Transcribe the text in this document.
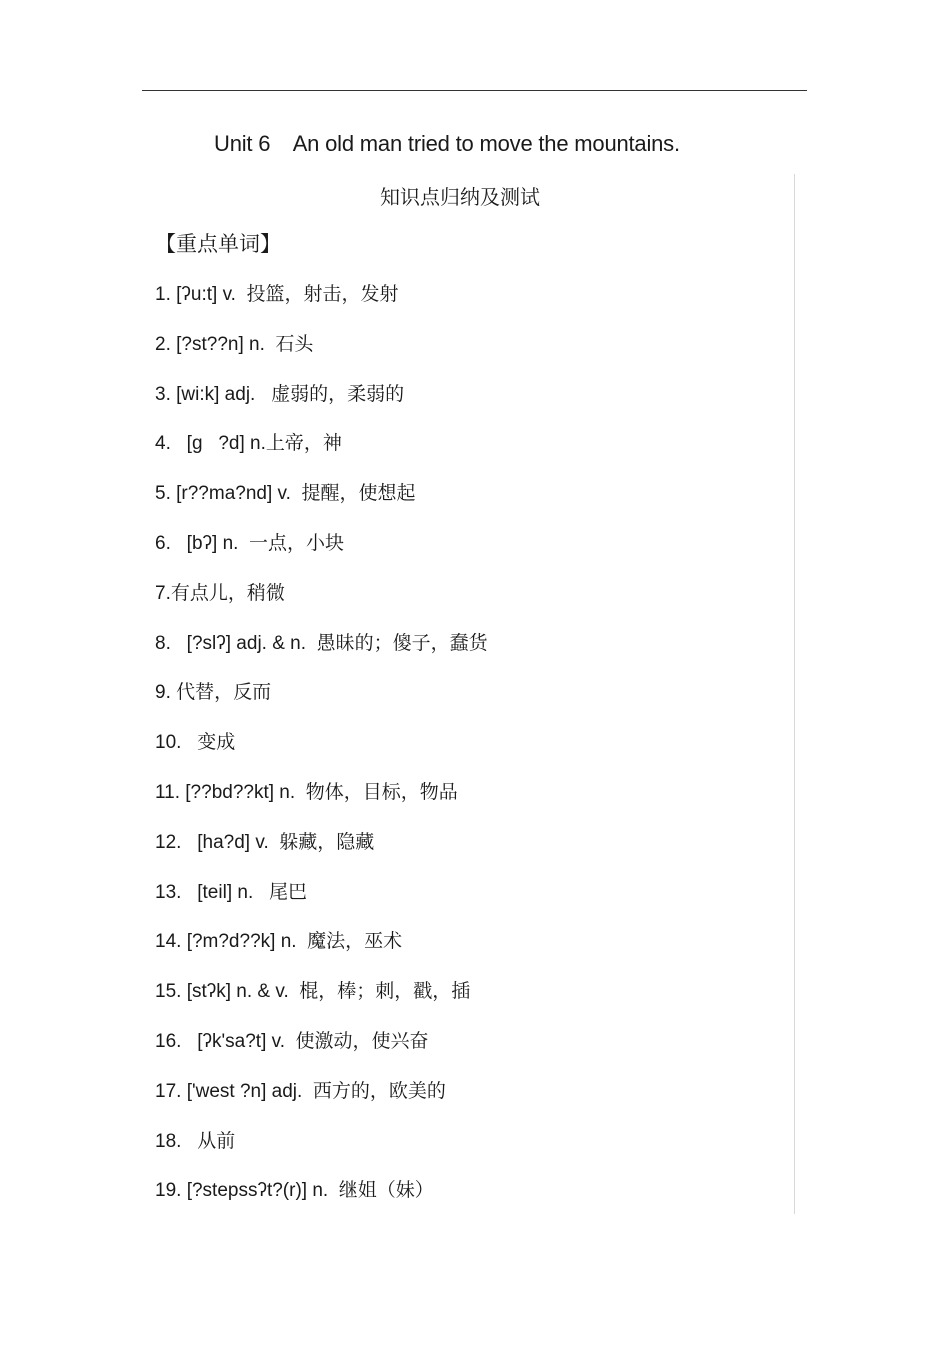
Unit 6    An old man tried to move the mountains.
知识点归纳及测试
【重点单词】
1. [ʔu:t] v.  投篮，射击，发射
2. [?st??n] n.  石头
3. [wi:k] adj.   虚弱的，柔弱的
4.   [ɡ   ?d] n.上帝，神
5. [r??ma?nd] v.  提醒，使想起
6.   [bʔ] n.  一点，小块
7.有点儿，稍微
8.   [?slʔ] adj. & n.  愚昧的；傻子，蠢货
9. 代替，反而
10.   变成
11. [??bd??kt] n.  物体，目标，物品
12.   [ha?d] v.  躲藏，隐藏
13.   [teil] n.   尾巴
14. [?m?d??k] n.  魔法，巫术
15. [stʔk] n. & v.  棍，棒；刺，戳，插
16.   [ʔk'sa?t] v.  使激动，使兴奋
17. ['west ?n] adj.  西方的，欧美的
18.   从前
19. [?stepssʔt?(r)] n.  继姐（妹）
